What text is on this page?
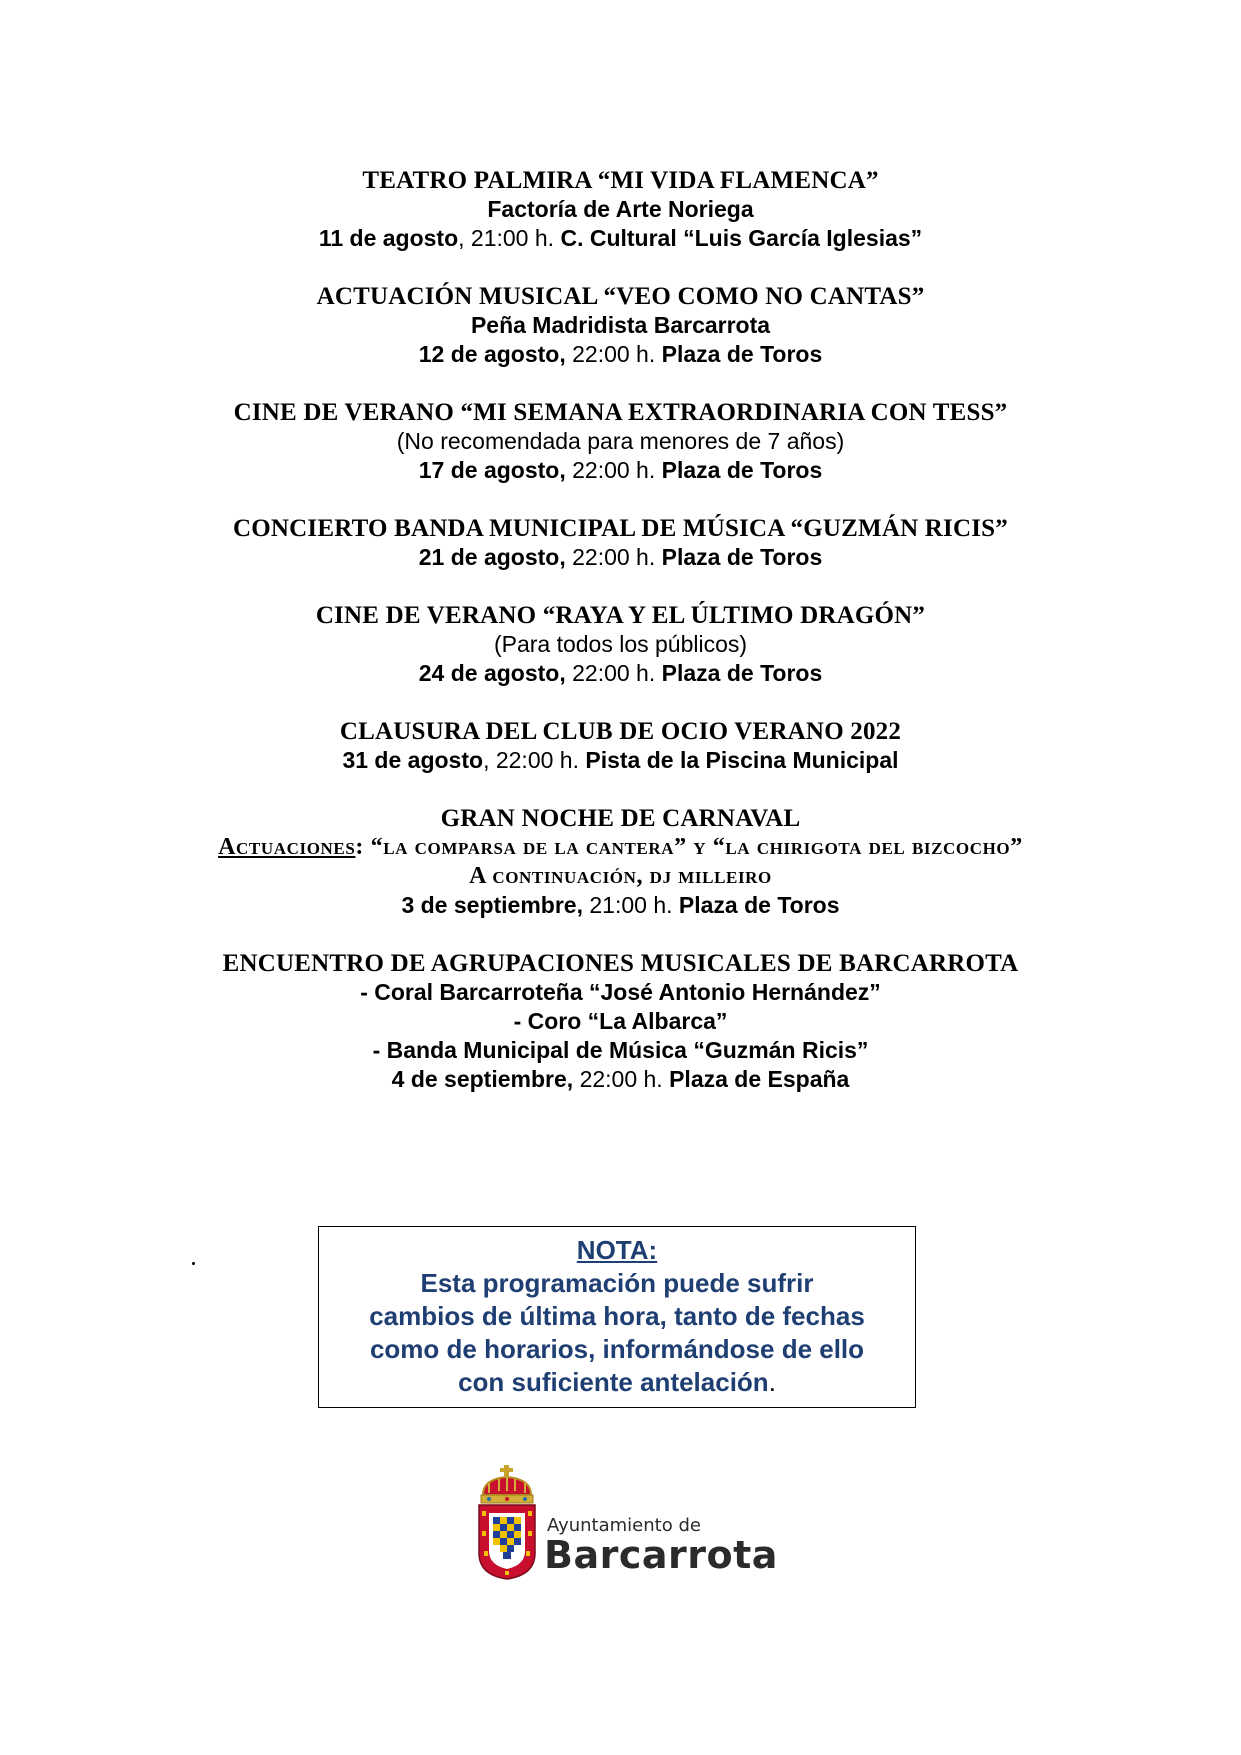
TEATRO PALMIRA “MI VIDA FLAMENCA”
Factoría de Arte Noriega
11 de agosto, 21:00 h. C. Cultural “Luis García Iglesias”
ACTUACIÓN MUSICAL “VEO COMO NO CANTAS”
Peña Madridista Barcarrota
12 de agosto, 22:00 h. Plaza de Toros
CINE DE VERANO “MI SEMANA EXTRAORDINARIA CON TESS”
(No recomendada para menores de 7 años)
17 de agosto, 22:00 h. Plaza de Toros
CONCIERTO BANDA MUNICIPAL DE MÚSICA “GUZMÁN RICIS”
21 de agosto, 22:00 h. Plaza de Toros
CINE DE VERANO “RAYA Y EL ÚLTIMO DRAGÓN”
(Para todos los públicos)
24 de agosto, 22:00 h. Plaza de Toros
CLAUSURA DEL CLUB DE OCIO VERANO 2022
31 de agosto, 22:00 h. Pista de la Piscina Municipal
GRAN NOCHE DE CARNAVAL
Actuaciones: “la comparsa de la cantera” y “la chirigota del bizcocho”
A continuación, dj milleiro
3 de septiembre, 21:00 h. Plaza de Toros
ENCUENTRO DE AGRUPACIONES MUSICALES DE BARCARROTA
- Coral Barcarroteña “José Antonio Hernández”
- Coro “La Albarca”
- Banda Municipal de Música “Guzmán Ricis”
4 de septiembre, 22:00 h. Plaza de España
NOTA:
Esta programación puede sufrir
cambios de última hora, tanto de fechas
como de horarios, informándose de ello
con suficiente antelación.
Ayuntamiento de
Barcarrota
